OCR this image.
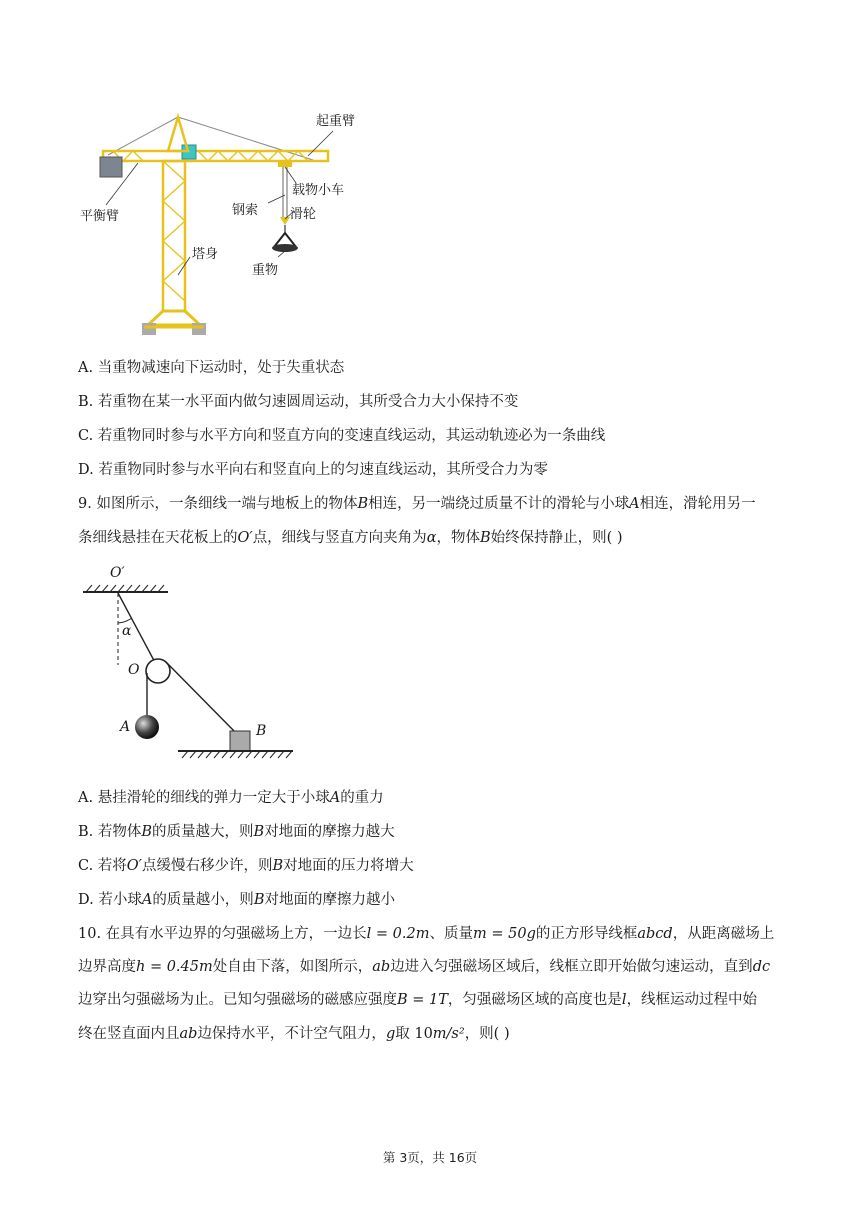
起重臂
载物小车
钢索 滑轮
平衡臂
塔身
重物
A. 当重物减速向下运动时，处于失重状态
B. 若重物在某一水平面内做匀速圆周运动，其所受合力大小保持不变
C. 若重物同时参与水平方向和竖直方向的变速直线运动，其运动轨迹必为一条曲线
D. 若重物同时参与水平向右和竖直向上的匀速直线运动，其所受合力为零
9. 如图所示，一条细线一端与地板上的物体B相连，另一端绕过质量不计的滑轮与小球A相连，滑轮用另一
条细线悬挂在天花板上的O′点，细线与竖直方向夹角为α，物体B始终保持静止，则( )
O′
α
O
A	B
A. 悬挂滑轮的细线的弹力一定大于小球A的重力
B. 若物体B的质量越大，则B对地面的摩擦力越大
C. 若将O′点缓慢右移少许，则B对地面的压力将增大
D. 若小球A的质量越小，则B对地面的摩擦力越小
10. 在具有水平边界的匀强磁场上方，一边长l = 0.2m、质量m = 50g的正方形导线框abcd，从距离磁场上
边界高度h = 0.45m处自由下落，如图所示，ab边进入匀强磁场区域后，线框立即开始做匀速运动，直到dc
边穿出匀强磁场为止。已知匀强磁场的磁感应强度B = 1T，匀强磁场区域的高度也是l，线框运动过程中始
终在竖直面内且ab边保持水平，不计空气阻力，g取 10m/s²，则( )
第 3页，共 16页
